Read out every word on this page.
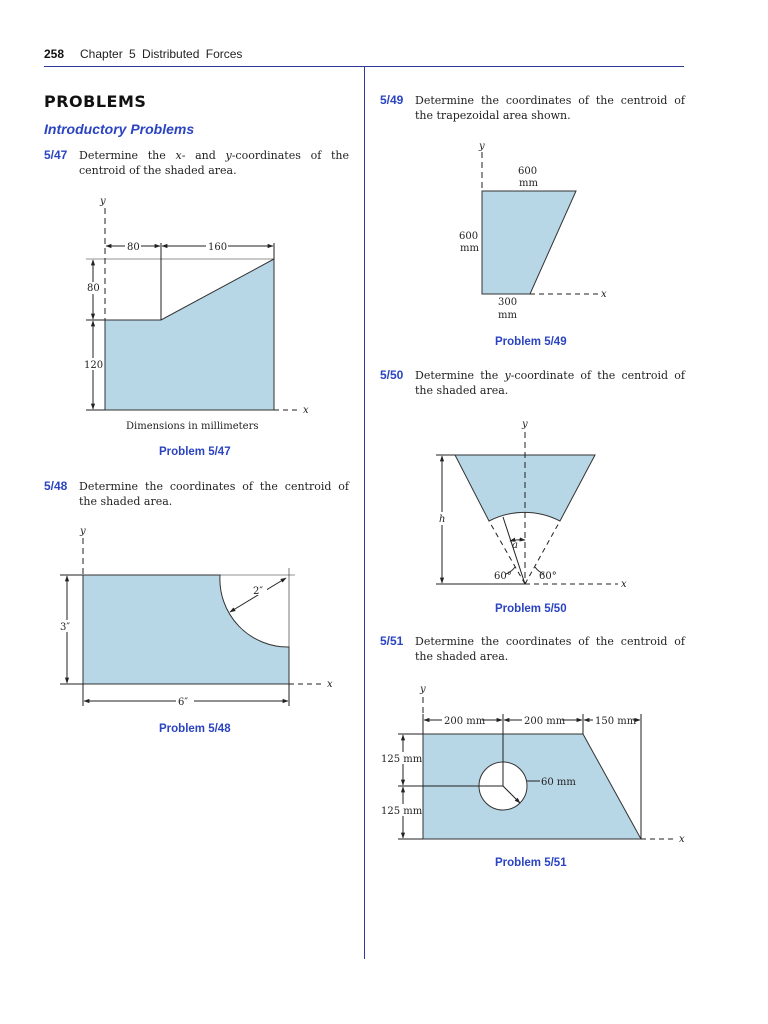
258 Chapter 5 Distributed Forces
PROBLEMS
Introductory Problems
5/47 Determine the x- and y-coordinates of the centroid of the shaded area.
5/48 Determine the coordinates of the centroid of the shaded area.
5/49 Determine the coordinates of the centroid of the trapezoidal area shown.
5/50 Determine the y-coordinate of the centroid of the shaded area.
5/51 Determine the coordinates of the centroid of the shaded area.
y
x
80	160
80
120
Dimensions in millimeters
y
x
3″
2″
6″
y
x
600
mm
600
mm
300
mm
y
x
h
a
60°	60°
y
x
200 mm	200 mm	150 mm
125 mm
125 mm
60 mm
Problem 5/47
Problem 5/48
Problem 5/49
Problem 5/50
Problem 5/51
